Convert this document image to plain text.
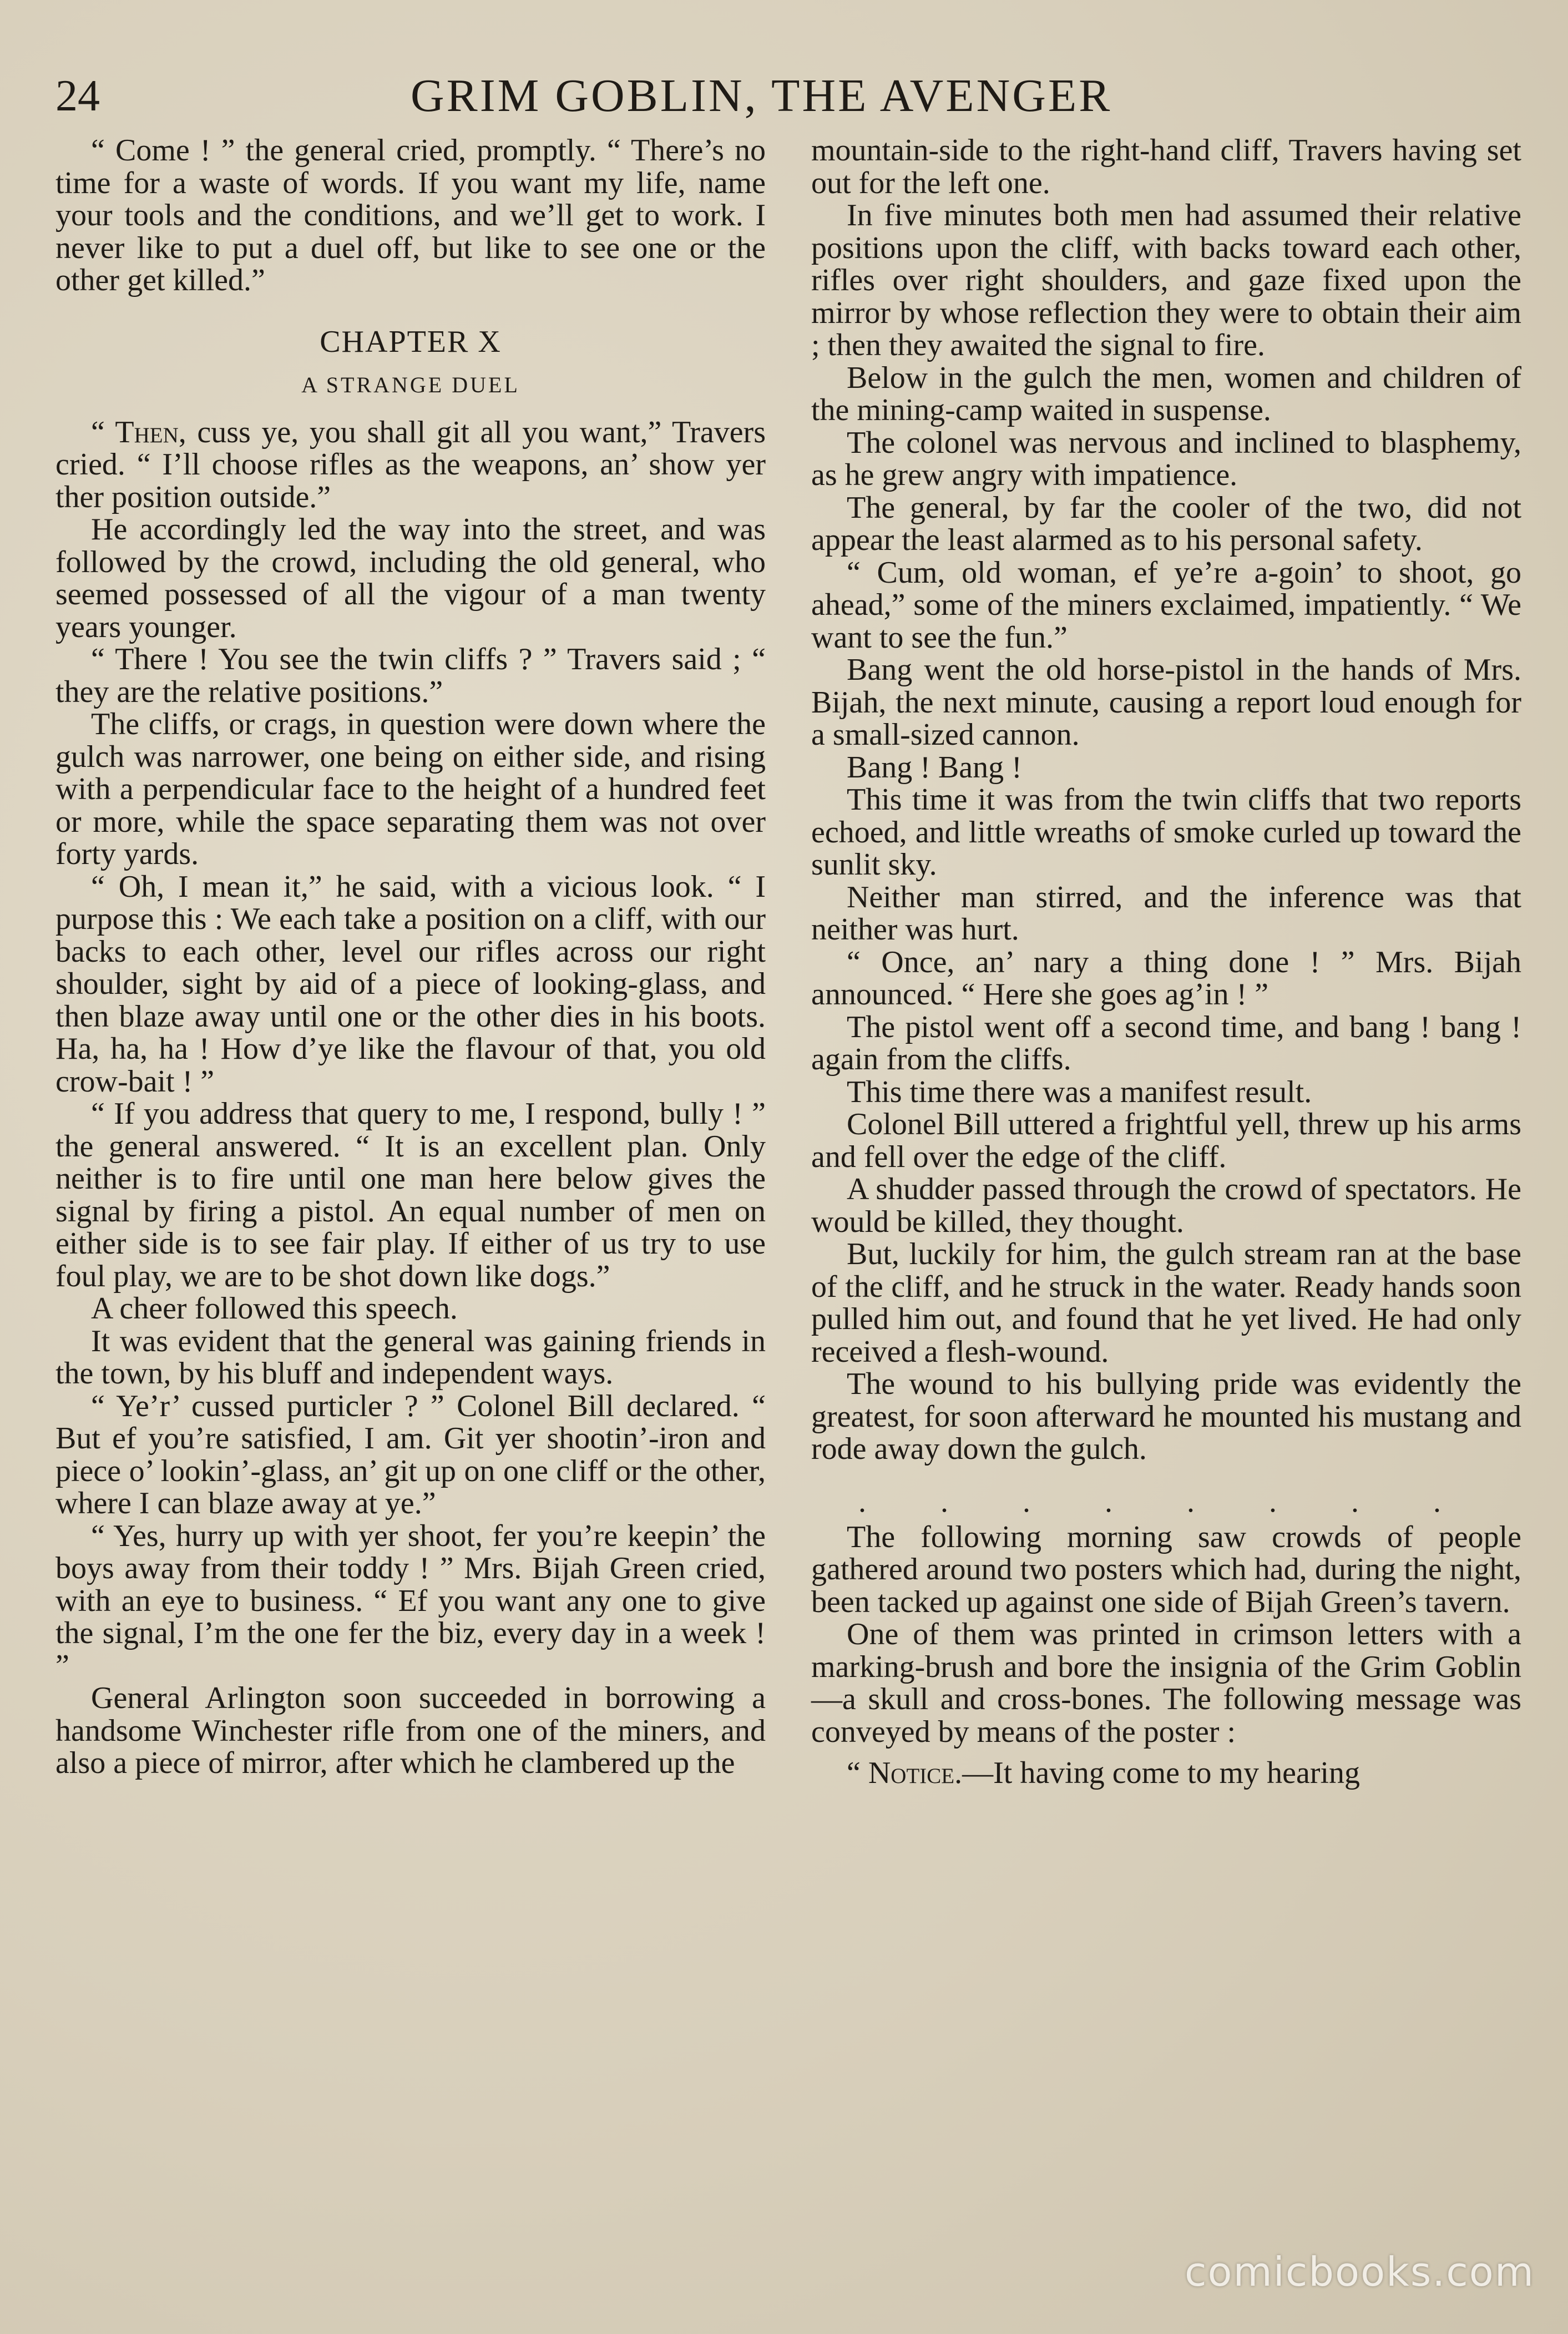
24	GRIM GOBLIN, THE AVENGER

“ Come ! ” the general cried, promptly. “ There’s no time for a waste of words. If you want my life, name your tools and the conditions, and we’ll get to work. I never like to put a duel off, but like to see one or the other get killed.”

CHAPTER X

A STRANGE DUEL

“ Then, cuss ye, you shall git all you want,” Travers cried. “ I’ll choose rifles as the weapons, an’ show yer ther position outside.”

He accordingly led the way into the street, and was followed by the crowd, including the old general, who seemed possessed of all the vigour of a man twenty years younger.

“ There ! You see the twin cliffs ? ” Travers said ; “ they are the relative positions.”

The cliffs, or crags, in question were down where the gulch was narrower, one being on either side, and rising with a perpendicular face to the height of a hundred feet or more, while the space separating them was not over forty yards.

“ Oh, I mean it,” he said, with a vicious look. “ I purpose this : We each take a position on a cliff, with our backs to each other, level our rifles across our right shoulder, sight by aid of a piece of looking-glass, and then blaze away until one or the other dies in his boots. Ha, ha, ha ! How d’ye like the flavour of that, you old crow-bait ! ”

“ If you address that query to me, I respond, bully ! ” the general answered. “ It is an excellent plan. Only neither is to fire until one man here below gives the signal by firing a pistol. An equal number of men on either side is to see fair play. If either of us try to use foul play, we are to be shot down like dogs.”

A cheer followed this speech.

It was evident that the general was gaining friends in the town, by his bluff and independent ways.

“ Ye’r’ cussed purticler ? ” Colonel Bill declared. “ But ef you’re satisfied, I am. Git yer shootin’-iron and piece o’ lookin’-glass, an’ git up on one cliff or the other, where I can blaze away at ye.”

“ Yes, hurry up with yer shoot, fer you’re keepin’ the boys away from their toddy ! ” Mrs. Bijah Green cried, with an eye to business. “ Ef you want any one to give the signal, I’m the one fer the biz, every day in a week ! ”

General Arlington soon succeeded in borrowing a handsome Winchester rifle from one of the miners, and also a piece of mirror, after which he clambered up the

mountain-side to the right-hand cliff, Travers having set out for the left one.

In five minutes both men had assumed their relative positions upon the cliff, with backs toward each other, rifles over right shoulders, and gaze fixed upon the mirror by whose reflection they were to obtain their aim ; then they awaited the signal to fire.

Below in the gulch the men, women and children of the mining-camp waited in suspense.

The colonel was nervous and inclined to blasphemy, as he grew angry with impatience.

The general, by far the cooler of the two, did not appear the least alarmed as to his personal safety.

“ Cum, old woman, ef ye’re a-goin’ to shoot, go ahead,” some of the miners exclaimed, impatiently. “ We want to see the fun.”

Bang went the old horse-pistol in the hands of Mrs. Bijah, the next minute, causing a report loud enough for a small-sized cannon.

Bang ! Bang !

This time it was from the twin cliffs that two reports echoed, and little wreaths of smoke curled up toward the sunlit sky.

Neither man stirred, and the inference was that neither was hurt.

“ Once, an’ nary a thing done ! ” Mrs. Bijah announced. “ Here she goes ag’in ! ”

The pistol went off a second time, and bang ! bang ! again from the cliffs.

This time there was a manifest result.

Colonel Bill uttered a frightful yell, threw up his arms and fell over the edge of the cliff.

A shudder passed through the crowd of spectators. He would be killed, they thought.

But, luckily for him, the gulch stream ran at the base of the cliff, and he struck in the water. Ready hands soon pulled him out, and found that he yet lived. He had only received a flesh-wound.

The wound to his bullying pride was evidently the greatest, for soon afterward he mounted his mustang and rode away down the gulch.

. . . . . . . .

The following morning saw crowds of people gathered around two posters which had, during the night, been tacked up against one side of Bijah Green’s tavern.

One of them was printed in crimson letters with a marking-brush and bore the insignia of the Grim Goblin—a skull and cross-bones. The following message was conveyed by means of the poster :

“ Notice.—It having come to my hearing

comicbooks.com
